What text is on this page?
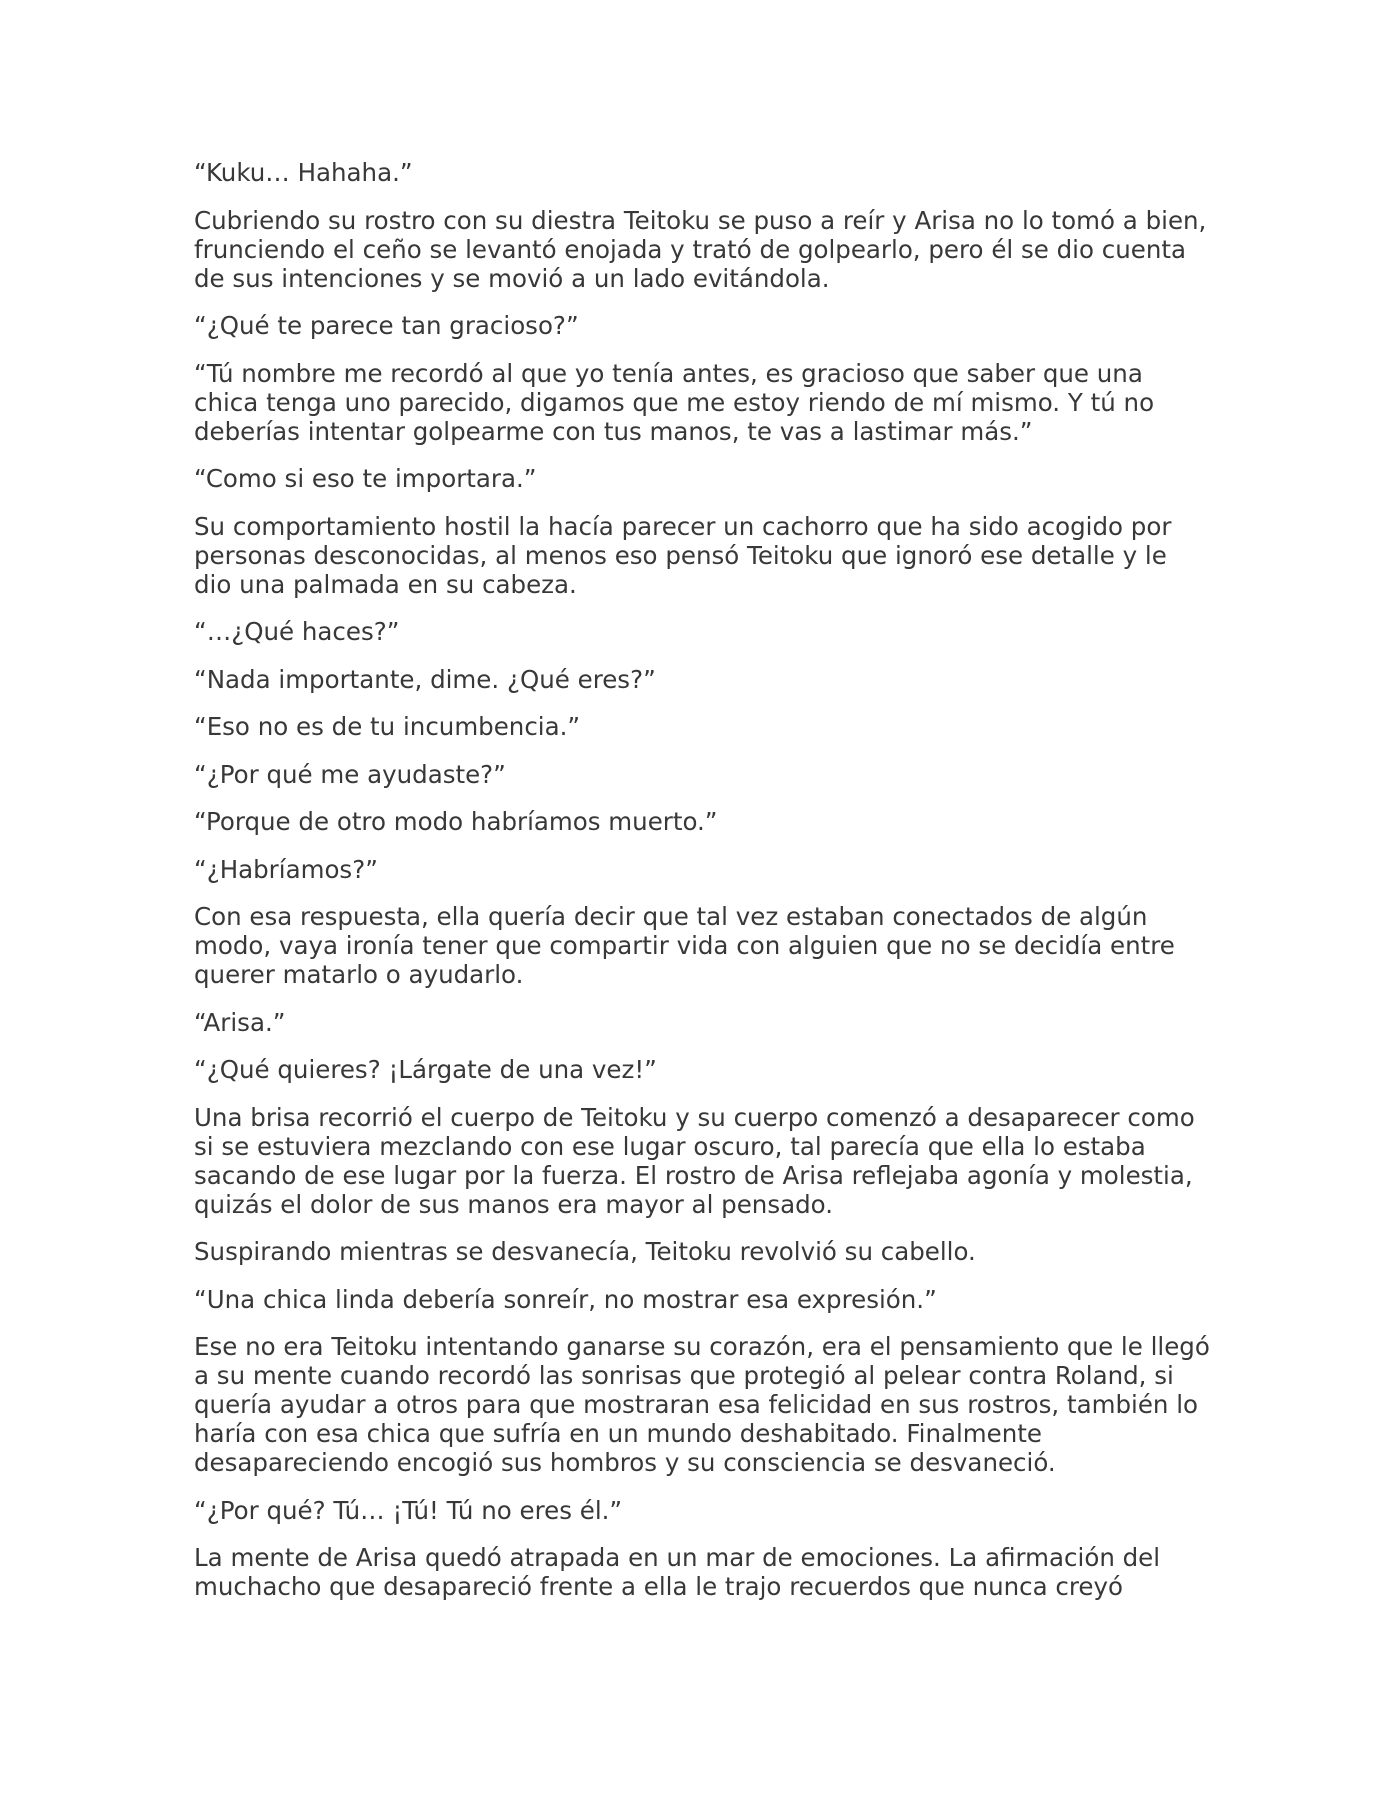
“Kuku… Hahaha.”

Cubriendo su rostro con su diestra Teitoku se puso a reír y Arisa no lo tomó a bien, frunciendo el ceño se levantó enojada y trató de golpearlo, pero él se dio cuenta de sus intenciones y se movió a un lado evitándola.

“¿Qué te parece tan gracioso?”

“Tú nombre me recordó al que yo tenía antes, es gracioso que saber que una chica tenga uno parecido, digamos que me estoy riendo de mí mismo. Y tú no deberías intentar golpearme con tus manos, te vas a lastimar más.”

“Como si eso te importara.”

Su comportamiento hostil la hacía parecer un cachorro que ha sido acogido por personas desconocidas, al menos eso pensó Teitoku que ignoró ese detalle y le dio una palmada en su cabeza.

“…¿Qué haces?”

“Nada importante, dime. ¿Qué eres?”

“Eso no es de tu incumbencia.”

“¿Por qué me ayudaste?”

“Porque de otro modo habríamos muerto.”

“¿Habríamos?”

Con esa respuesta, ella quería decir que tal vez estaban conectados de algún modo, vaya ironía tener que compartir vida con alguien que no se decidía entre querer matarlo o ayudarlo.

“Arisa.”

“¿Qué quieres? ¡Lárgate de una vez!”

Una brisa recorrió el cuerpo de Teitoku y su cuerpo comenzó a desaparecer como si se estuviera mezclando con ese lugar oscuro, tal parecía que ella lo estaba sacando de ese lugar por la fuerza. El rostro de Arisa reflejaba agonía y molestia, quizás el dolor de sus manos era mayor al pensado.

Suspirando mientras se desvanecía, Teitoku revolvió su cabello.

“Una chica linda debería sonreír, no mostrar esa expresión.”

Ese no era Teitoku intentando ganarse su corazón, era el pensamiento que le llegó a su mente cuando recordó las sonrisas que protegió al pelear contra Roland, si quería ayudar a otros para que mostraran esa felicidad en sus rostros, también lo haría con esa chica que sufría en un mundo deshabitado. Finalmente desapareciendo encogió sus hombros y su consciencia se desvaneció.

“¿Por qué? Tú… ¡Tú! Tú no eres él.”

La mente de Arisa quedó atrapada en un mar de emociones. La afirmación del muchacho que desapareció frente a ella le trajo recuerdos que nunca creyó
